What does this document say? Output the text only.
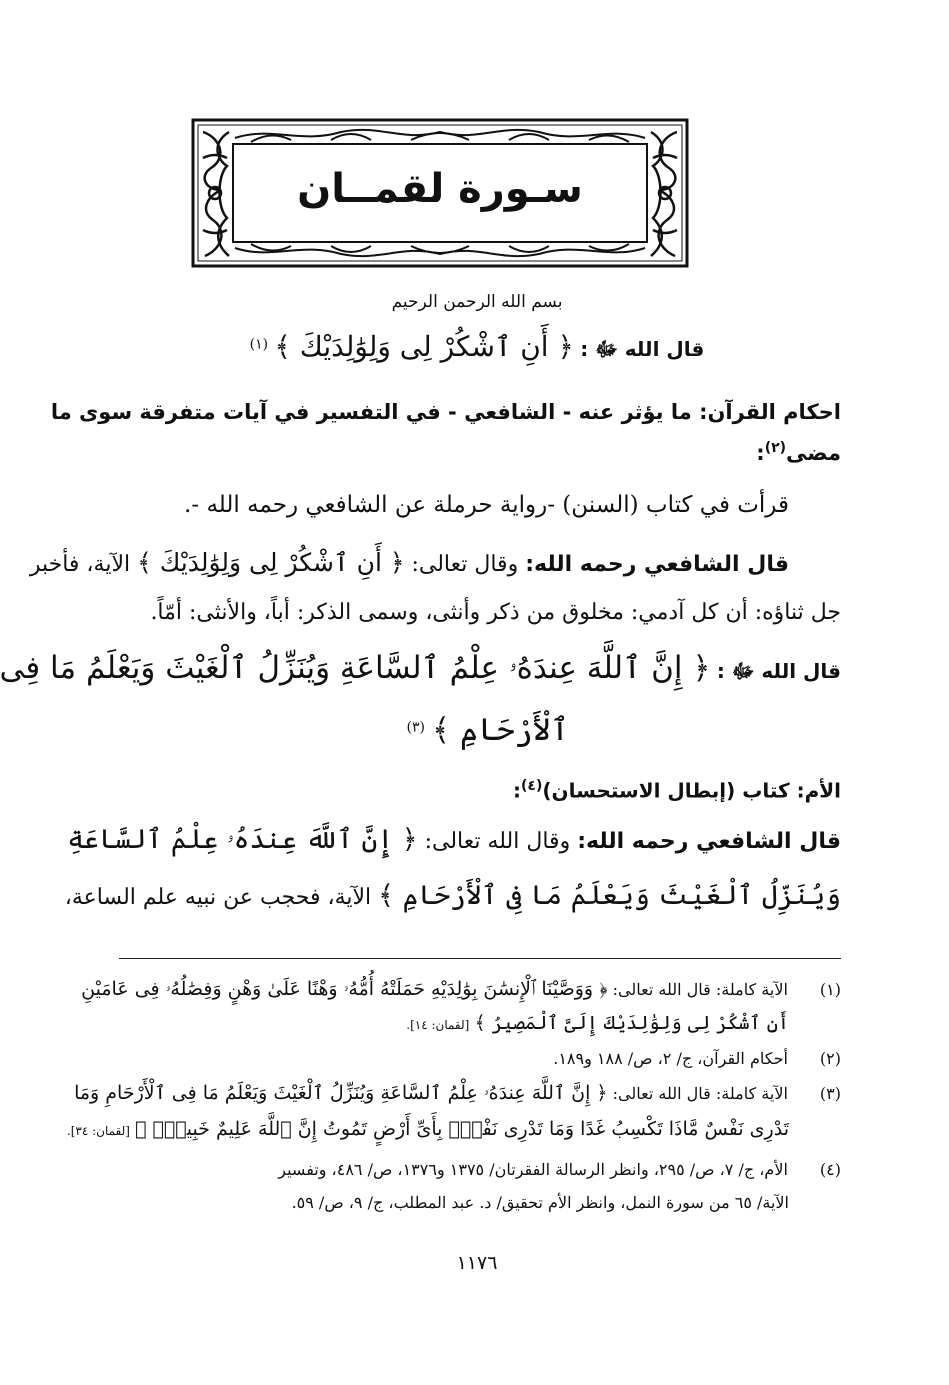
سـورة لقمــان
بسم الله الرحمن الرحيم
قال الله ﷻ : ﴿ أَنِ ٱشْكُرْ لِى وَلِوَٰلِدَيْكَ ﴾ $^{(١)}$
احكام القرآن: ما يؤثر عنه - الشافعي - في التفسير في آيات متفرقة سوى ما
مضى$^{(٢)}$:
قرأت في كتاب (السنن) -رواية حرملة عن الشافعي رحمه الله -.
قال الشافعي رحمه الله: وقال تعالى: ﴿ أَنِ ٱشْكُرْ لِى وَلِوَٰلِدَيْكَ ﴾ الآية، فأخبر
جل ثناؤه: أن كل آدمي: مخلوق من ذكر وأنثى، وسمى الذكر: أباً، والأنثى: أمّاً.
قال الله ﷻ : ﴿ إِنَّ ٱللَّهَ عِندَهُۥ عِلْمُ ٱلسَّاعَةِ وَيُنَزِّلُ ٱلْغَيْثَ وَيَعْلَمُ مَا فِى
ٱلْأَرْحَامِ ﴾ $^{(٣)}$
الأم: كتاب (إبطال الاستحسان)$^{(٤)}$:
قال الشافعي رحمه الله: وقال الله تعالى: ﴿ إِنَّ ٱللَّهَ عِندَهُۥ عِلْمُ ٱلسَّاعَةِ
وَيُنَزِّلُ ٱلْغَيْثَ وَيَعْلَمُ مَا فِى ٱلْأَرْحَامِ ﴾ الآية، فحجب عن نبيه علم الساعة،
(١) الآية كاملة: قال الله تعالى: ﴿ وَوَصَّيْنَا ٱلْإِنسَٰنَ بِوَٰلِدَيْهِ حَمَلَتْهُ أُمُّهُۥ وَهْنًا عَلَىٰ وَهْنٍ وَفِصَٰلُهُۥ فِى عَامَيْنِ
أَنِ ٱشْكُرْ لِى وَلِوَٰلِدَيْكَ إِلَىَّ ٱلْمَصِيرُ ﴾ [لقمان: ١٤].
(٢) أحكام القرآن، ج/ ٢، ص/ ١٨٨ و١٨٩.
(٣) الآية كاملة: قال الله تعالى: ﴿ إِنَّ ٱللَّهَ عِندَهُۥ عِلْمُ ٱلسَّاعَةِ وَيُنَزِّلُ ٱلْغَيْثَ وَيَعْلَمُ مَا فِى ٱلْأَرْحَامِ وَمَا
تَدْرِى نَفْسٌ مَّاذَا تَكْسِبُ غَدًا وَمَا تَدْرِى نَفْسٌۢ بِأَىِّ أَرْضٍ تَمُوتُ إِنَّ ٱللَّهَ عَلِيمٌ خَبِيرٌۢ ﴾ [لقمان: ٣٤].
(٤) الأم، ج/ ٧، ص/ ٢٩٥، وانظر الرسالة الفقرتان/ ١٣٧٥ و١٣٧٦، ص/ ٤٨٦، وتفسير
الآية/ ٦٥ من سورة النمل، وانظر الأم تحقيق/ د. عبد المطلب، ج/ ٩، ص/ ٥٩.
١١٧٦
